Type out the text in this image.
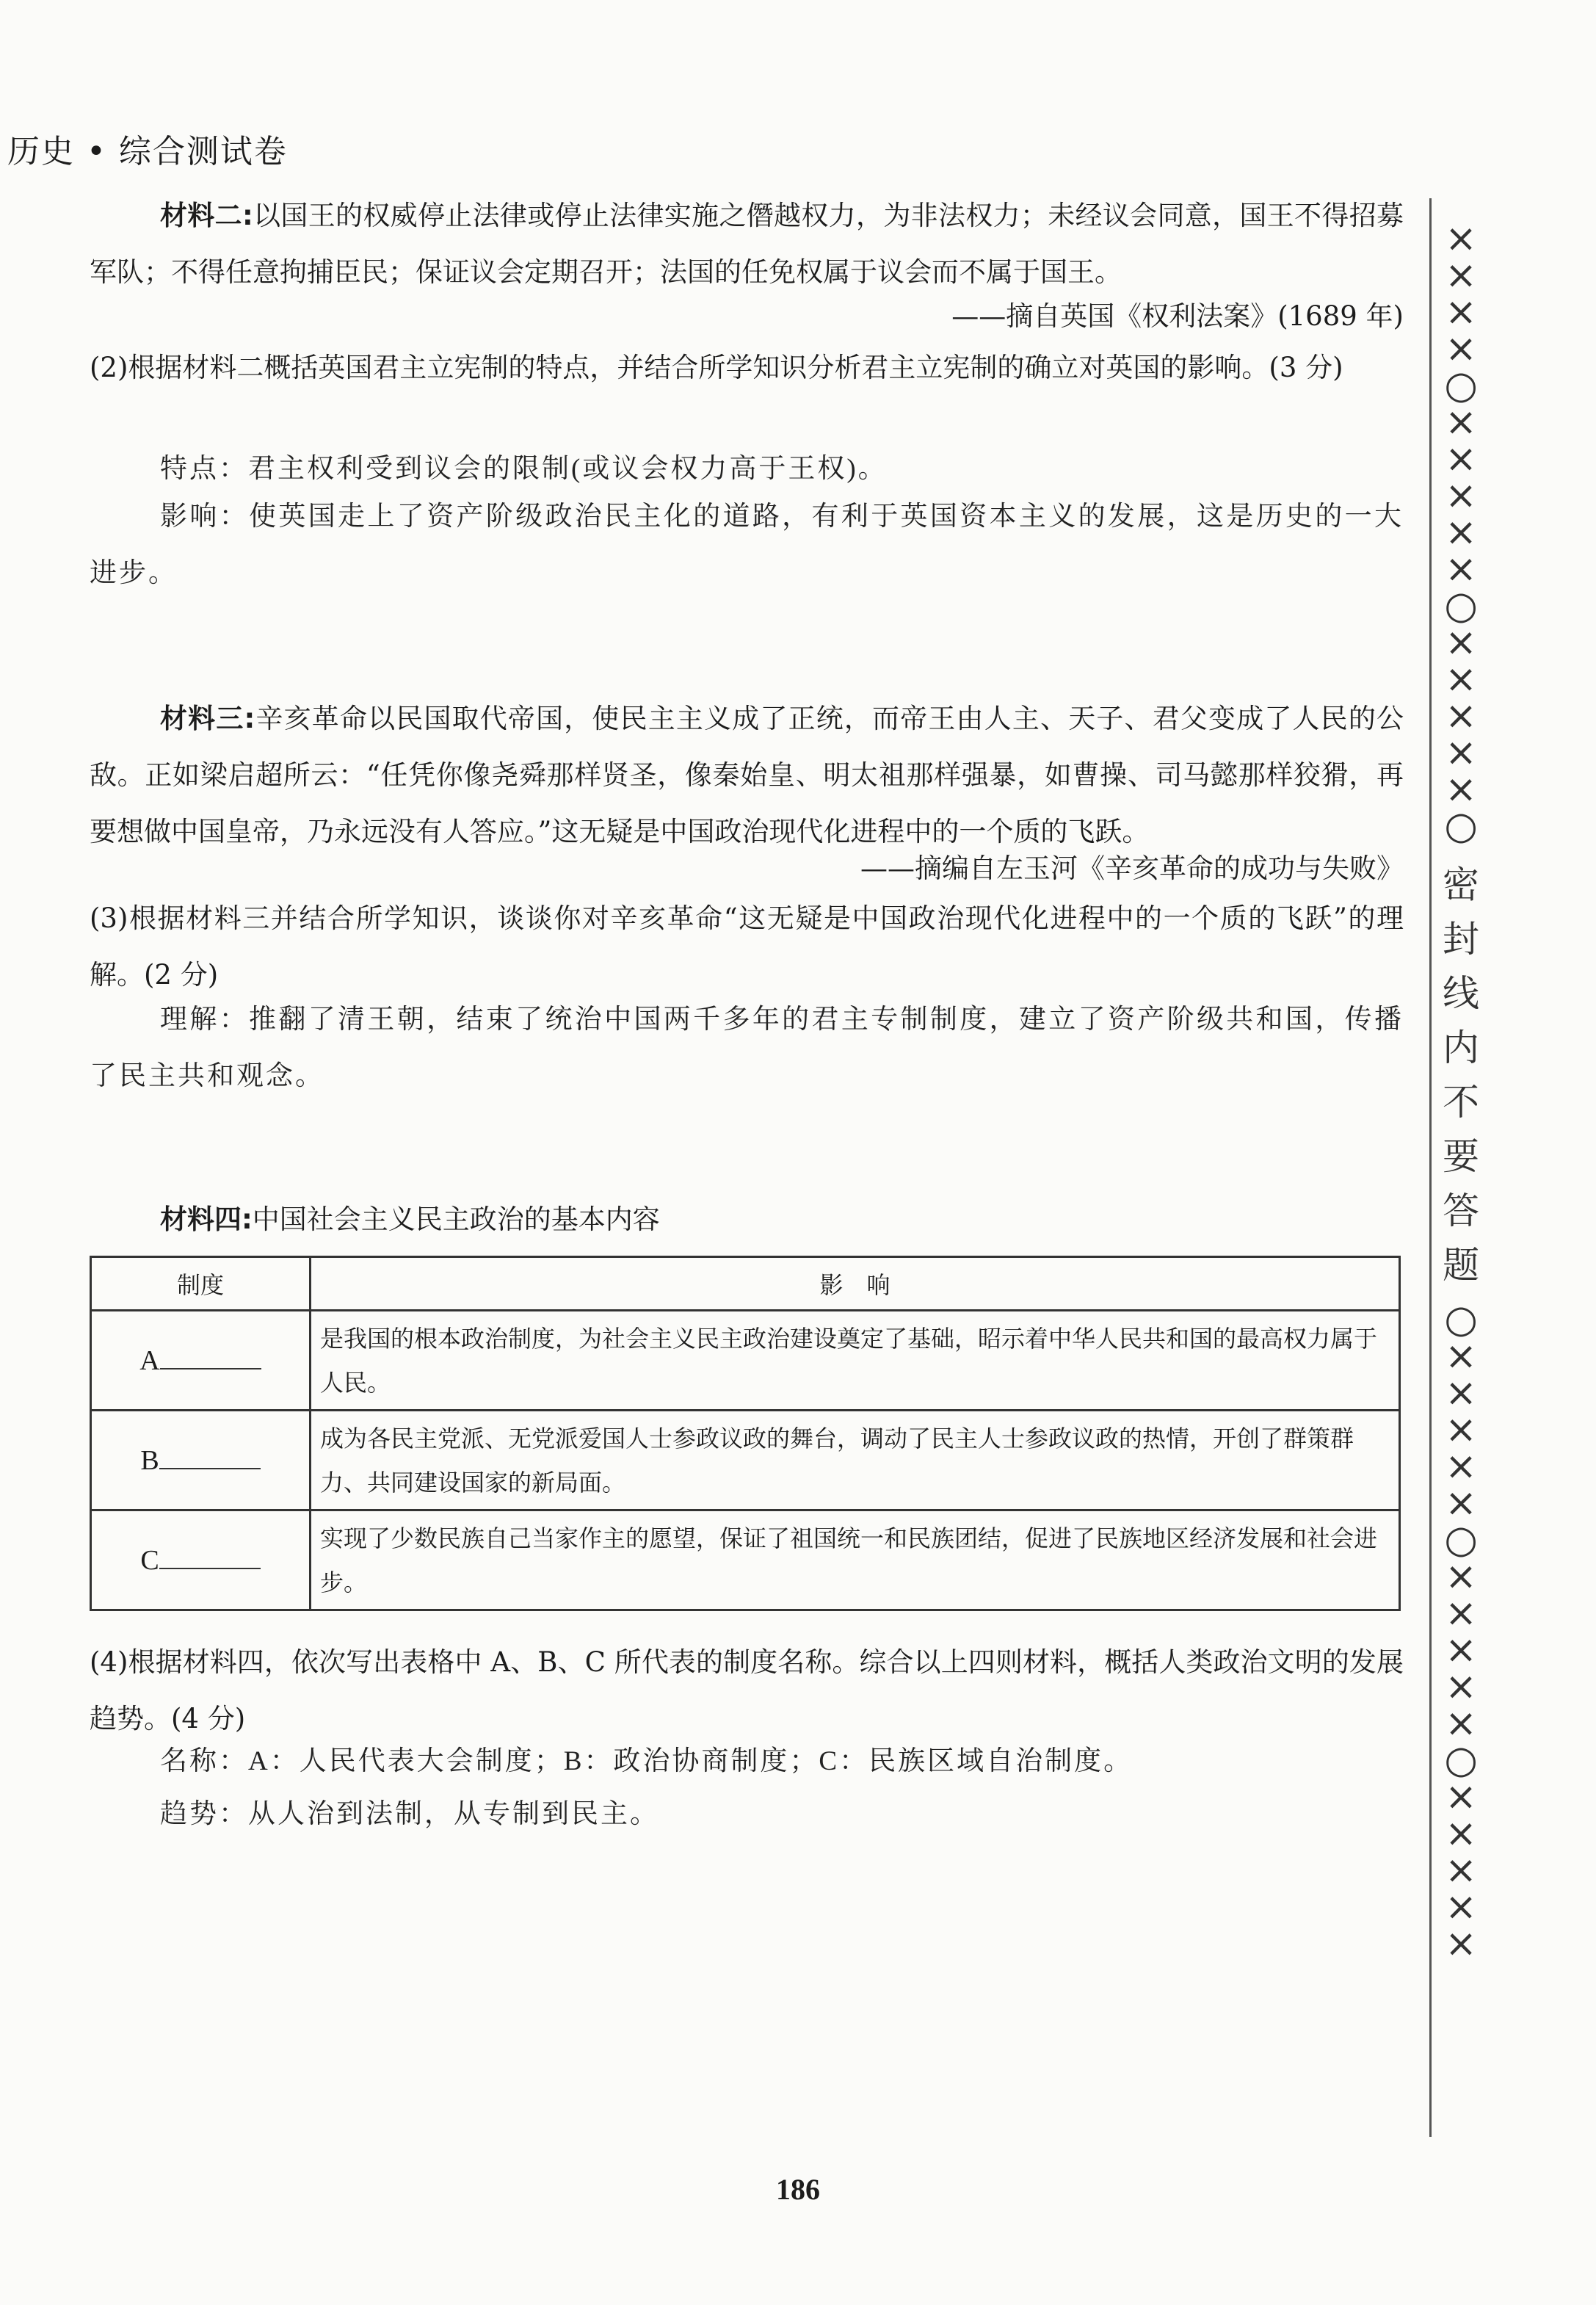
历史 • 综合测试卷
材料二:以国王的权威停止法律或停止法律实施之僭越权力，为非法权力；未经议会同意，国王不得招募军队；不得任意拘捕臣民；保证议会定期召开；法国的任免权属于议会而不属于国王。
——摘自英国《权利法案》(1689 年)
(2)根据材料二概括英国君主立宪制的特点，并结合所学知识分析君主立宪制的确立对英国的影响。(3 分)
特点：君主权利受到议会的限制(或议会权力高于王权)。
影响：使英国走上了资产阶级政治民主化的道路，有利于英国资本主义的发展，这是历史的一大进步。
材料三:辛亥革命以民国取代帝国，使民主主义成了正统，而帝王由人主、天子、君父变成了人民的公敌。正如梁启超所云：“任凭你像尧舜那样贤圣，像秦始皇、明太祖那样强暴，如曹操、司马懿那样狡猾，再要想做中国皇帝，乃永远没有人答应。”这无疑是中国政治现代化进程中的一个质的飞跃。
——摘编自左玉河《辛亥革命的成功与失败》
(3)根据材料三并结合所学知识，谈谈你对辛亥革命“这无疑是中国政治现代化进程中的一个质的飞跃”的理解。(2 分)
理解：推翻了清王朝，结束了统治中国两千多年的君主专制制度，建立了资产阶级共和国，传播了民主共和观念。
材料四:中国社会主义民主政治的基本内容
制度	影　响
A	是我国的根本政治制度，为社会主义民主政治建设奠定了基础，昭示着中华人民共和国的最高权力属于人民。
B	成为各民主党派、无党派爱国人士参政议政的舞台，调动了民主人士参政议政的热情，开创了群策群力、共同建设国家的新局面。
C	实现了少数民族自己当家作主的愿望，保证了祖国统一和民族团结，促进了民族地区经济发展和社会进步。
(4)根据材料四，依次写出表格中 A、B、C 所代表的制度名称。综合以上四则材料，概括人类政治文明的发展趋势。(4 分)
名称：A：人民代表大会制度；B：政治协商制度；C：民族区域自治制度。
趋势：从人治到法制，从专制到民主。
××××○×××××○×××××○
密封线内不要答题
○×××××○×××××○×××××
186
